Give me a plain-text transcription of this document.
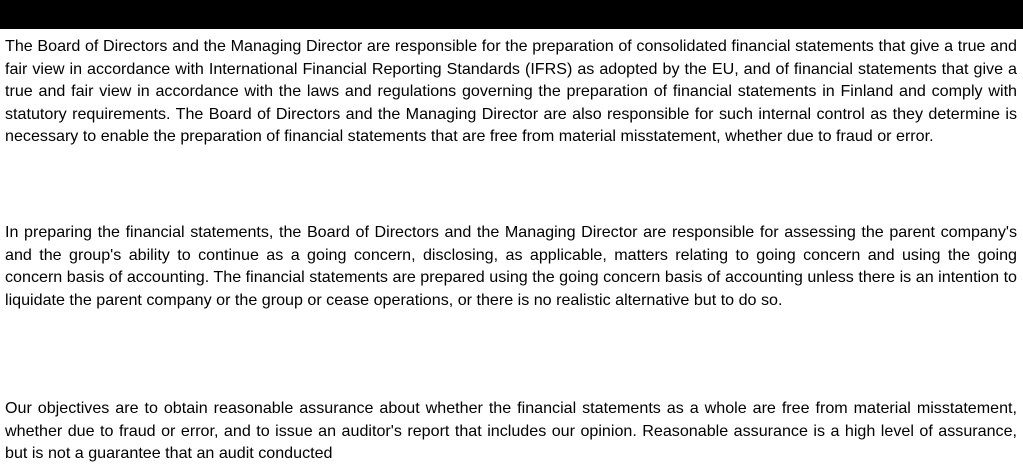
The Board of Directors and the Managing Director are responsible for the preparation of consolidated financial statements that give a true and fair view in accordance with International Financial Reporting Standards (IFRS) as adopted by the EU, and of financial statements that give a true and fair view in accordance with the laws and regulations governing the preparation of financial statements in Finland and comply with statutory requirements. The Board of Directors and the Managing Director are also responsible for such internal control as they determine is necessary to enable the preparation of financial statements that are free from material misstatement, whether due to fraud or error.

In preparing the financial statements, the Board of Directors and the Managing Director are responsible for assessing the parent company's and the group's ability to continue as a going concern, disclosing, as applicable, matters relating to going concern and using the going concern basis of accounting. The financial statements are prepared using the going concern basis of accounting unless there is an intention to liquidate the parent company or the group or cease operations, or there is no realistic alternative but to do so.

Our objectives are to obtain reasonable assurance about whether the financial statements as a whole are free from material misstatement, whether due to fraud or error, and to issue an auditor's report that includes our opinion. Reasonable assurance is a high level of assurance, but is not a guarantee that an audit conducted
